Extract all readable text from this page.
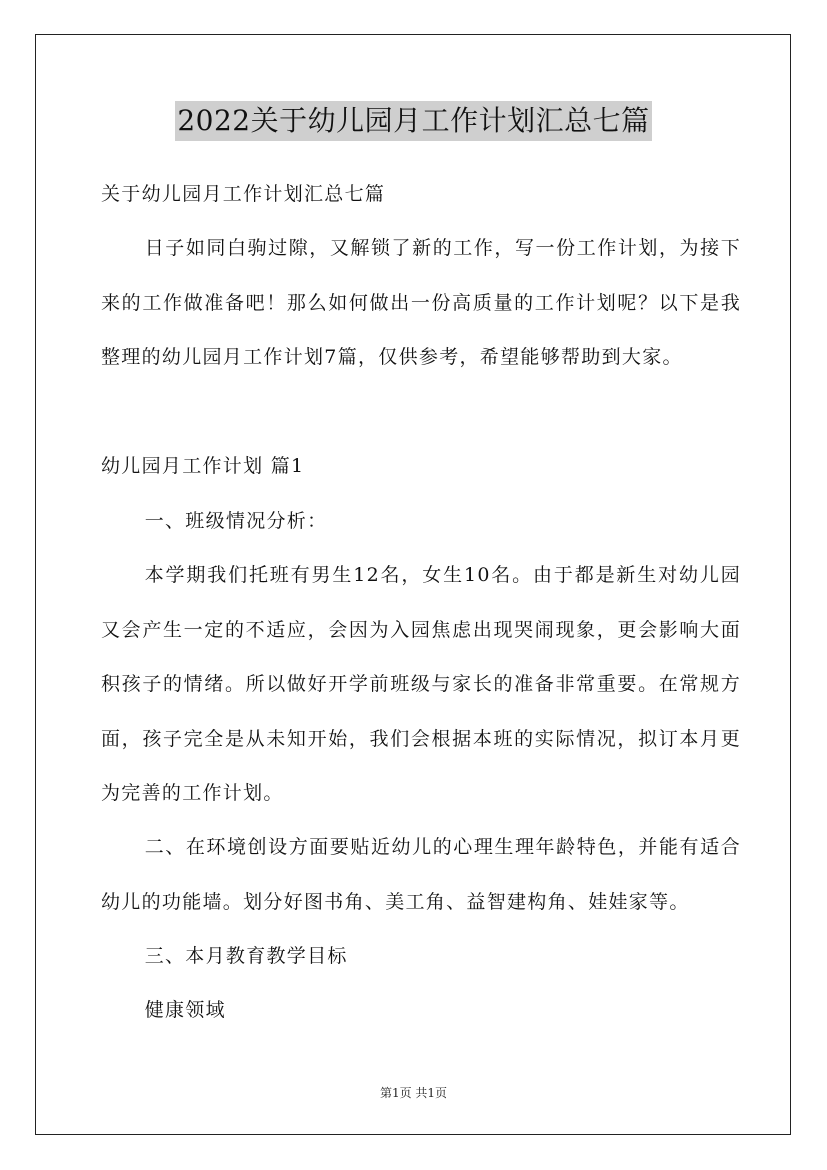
2022关于幼儿园月工作计划汇总七篇

关于幼儿园月工作计划汇总七篇

日子如同白驹过隙，又解锁了新的工作，写一份工作计划，为接下来的工作做准备吧！那么如何做出一份高质量的工作计划呢？以下是我整理的幼儿园月工作计划7篇，仅供参考，希望能够帮助到大家。

幼儿园月工作计划 篇1

一、班级情况分析：

本学期我们托班有男生12名，女生10名。由于都是新生对幼儿园又会产生一定的不适应，会因为入园焦虑出现哭闹现象，更会影响大面积孩子的情绪。所以做好开学前班级与家长的准备非常重要。在常规方面，孩子完全是从未知开始，我们会根据本班的实际情况，拟订本月更为完善的工作计划。

二、在环境创设方面要贴近幼儿的心理生理年龄特色，并能有适合幼儿的功能墙。划分好图书角、美工角、益智建构角、娃娃家等。

三、本月教育教学目标

健康领域

第1页 共1页
